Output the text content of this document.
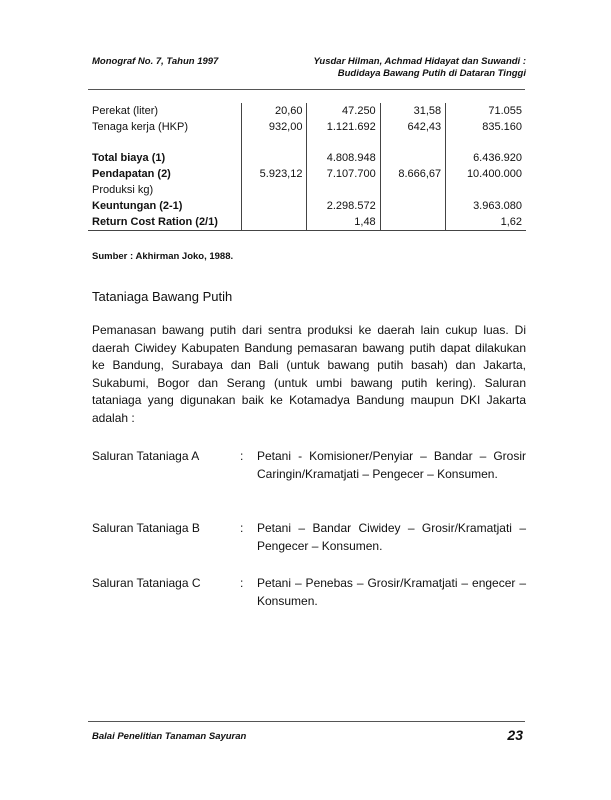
Monograf No. 7, Tahun 1997	Yusdar Hilman, Achmad Hidayat dan Suwandi :
Budidaya Bawang Putih di Dataran Tinggi
Perekat (liter)	20,60	47.250	31,58	71.055
Tenaga kerja (HKP)	932,00	1.121.692	642,43	835.160

Total biaya (1)		4.808.948		6.436.920
Pendapatan (2)	5.923,12	7.107.700	8.666,67	10.400.000
Produksi kg)				
Keuntungan (2-1)		2.298.572		3.963.080
Return Cost Ration (2/1)		1,48		1,62
Sumber : Akhirman Joko, 1988.
Tataniaga Bawang Putih
Pemanasan bawang putih dari sentra produksi ke daerah lain cukup luas. Di daerah Ciwidey Kabupaten Bandung pemasaran bawang putih dapat dilakukan ke Bandung, Surabaya dan Bali (untuk bawang putih basah) dan Jakarta, Sukabumi, Bogor dan Serang (untuk umbi bawang putih kering). Saluran tataniaga yang digunakan baik ke Kotamadya Bandung maupun DKI Jakarta adalah :
Saluran Tataniaga A	: Petani - Komisioner/Penyiar – Bandar – Grosir Caringin/Kramatjati – Pengecer – Konsumen.
Saluran Tataniaga B	: Petani – Bandar Ciwidey – Grosir/Kramatjati – Pengecer – Konsumen.
Saluran Tataniaga C	: Petani – Penebas – Grosir/Kramatjati – engecer – Konsumen.
Balai Penelitian Tanaman Sayuran	23
